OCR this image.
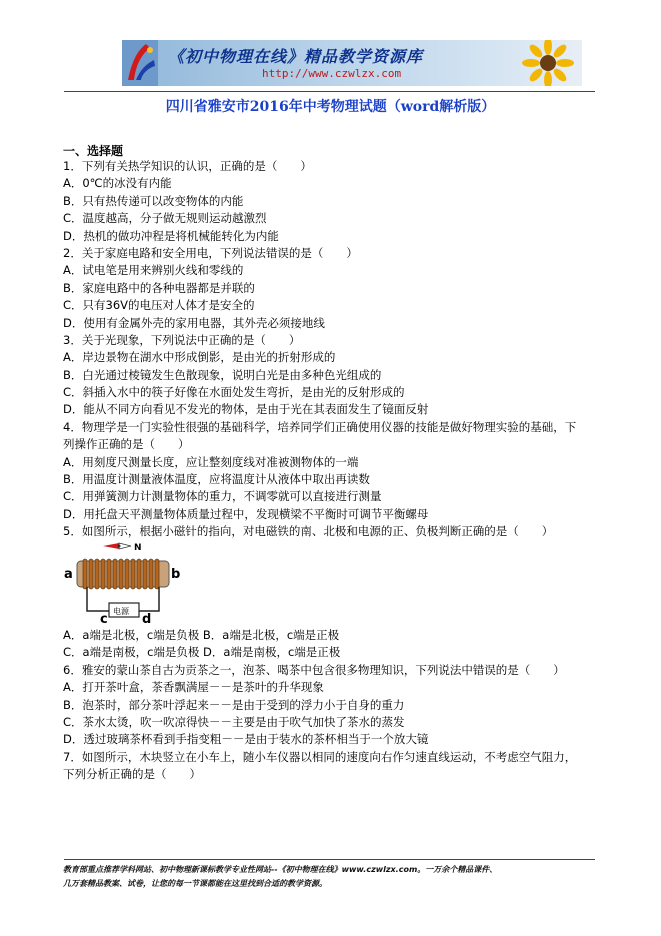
《初中物理在线》精品教学资源库
http://www.czwlzx.com
四川省雅安市2016年中考物理试题（word解析版）
一、选择题
1．下列有关热学知识的认识，正确的是（　　）
A．0℃的冰没有内能
B．只有热传递可以改变物体的内能
C．温度越高，分子做无规则运动越激烈
D．热机的做功冲程是将机械能转化为内能
2．关于家庭电路和安全用电，下列说法错误的是（　　）
A．试电笔是用来辨别火线和零线的
B．家庭电路中的各种电器都是并联的
C．只有36V的电压对人体才是安全的
D．使用有金属外壳的家用电器，其外壳必须接地线
3．关于光现象，下列说法中正确的是（　　）
A．岸边景物在湖水中形成倒影，是由光的折射形成的
B．白光通过棱镜发生色散现象，说明白光是由多种色光组成的
C．斜插入水中的筷子好像在水面处发生弯折，是由光的反射形成的
D．能从不同方向看见不发光的物体，是由于光在其表面发生了镜面反射
4．物理学是一门实验性很强的基础科学，培养同学们正确使用仪器的技能是做好物理实验的基础，下
列操作正确的是（　　）
A．用刻度尺测量长度，应让整刻度线对准被测物体的一端
B．用温度计测量液体温度，应将温度计从液体中取出再读数
C．用弹簧测力计测量物体的重力，不调零就可以直接进行测量
D．用托盘天平测量物体质量过程中，发现横梁不平衡时可调节平衡螺母
5．如图所示，根据小磁针的指向，对电磁铁的南、北极和电源的正、负极判断正确的是（　　）
N
a	b
电源
c	d
A．a端是北极，c端是负极 B．a端是北极，c端是正极
C．a端是南极，c端是负极 D．a端是南极，c端是正极
6．雅安的蒙山茶自古为贡茶之一，泡茶、喝茶中包含很多物理知识，下列说法中错误的是（　　）
A．打开茶叶盒，茶香飘满屋－－是茶叶的升华现象
B．泡茶时，部分茶叶浮起来－－是由于受到的浮力小于自身的重力
C．茶水太烫，吹一吹凉得快－－主要是由于吹气加快了茶水的蒸发
D．透过玻璃茶杯看到手指变粗－－是由于装水的茶杯相当于一个放大镜
7．如图所示，木块竖立在小车上，随小车仪器以相同的速度向右作匀速直线运动，不考虑空气阻力，
下列分析正确的是（　　）
教育部重点推荐学科网站、初中物理新课标教学专业性网站--《初中物理在线》www.czwlzx.com。一万余个精品课件、
几万套精品教案、试卷，让您的每一节课都能在这里找到合适的教学资源。
